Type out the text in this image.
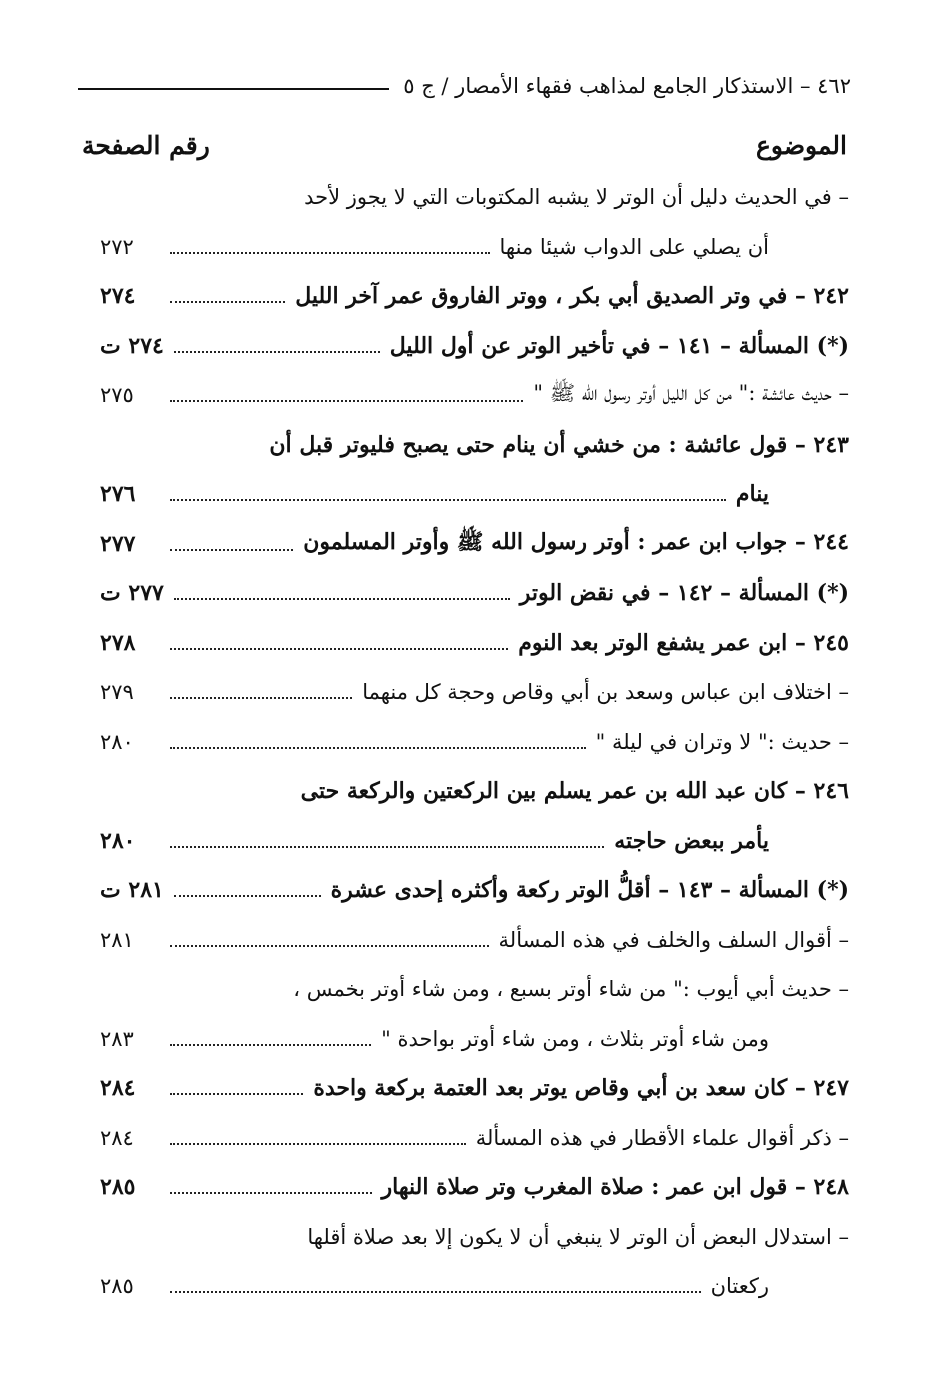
٤٦٢ – الاستذكار الجامع لمذاهب فقهاء الأمصار / ج ٥
الموضوع
رقم الصفحة
– في الحديث دليل أن الوتر لا يشبه المكتوبات التي لا يجوز لأحد
أن يصلي على الدواب شيئا منها
٢٧٢
٢٤٢ – في وتر الصديق أبي بكر ، ووتر الفاروق عمر آخر الليل
٢٧٤
(*) المسألة – ١٤١ – في تأخير الوتر عن أول الليل
٢٧٤ ت
– حديث عائشة :" من كل الليل أوتر رسول الله ﷺ "
٢٧٥
٢٤٣ – قول عائشة : من خشي أن ينام حتى يصبح فليوتر قبل أن
ينام
٢٧٦
٢٤٤ – جواب ابن عمر : أوتر رسول الله ﷺ وأوتر المسلمون
٢٧٧
(*) المسألة – ١٤٢ – في نقض الوتر
٢٧٧ ت
٢٤٥ – ابن عمر يشفع الوتر بعد النوم
٢٧٨
– اختلاف ابن عباس وسعد بن أبي وقاص وحجة كل منهما
٢٧٩
– حديث :" لا وتران في ليلة "
٢٨٠
٢٤٦ – كان عبد الله بن عمر يسلم بين الركعتين والركعة حتى
يأمر ببعض حاجته
٢٨٠
(*) المسألة – ١٤٣ – أقلُّ الوتر ركعة وأكثره إحدى عشرة
٢٨١ ت
– أقوال السلف والخلف في هذه المسألة
٢٨١
– حديث أبي أيوب :" من شاء أوتر بسبع ، ومن شاء أوتر بخمس ،
ومن شاء أوتر بثلاث ، ومن شاء أوتر بواحدة "
٢٨٣
٢٤٧ – كان سعد بن أبي وقاص يوتر بعد العتمة بركعة واحدة
٢٨٤
– ذكر أقوال علماء الأقطار في هذه المسألة
٢٨٤
٢٤٨ – قول ابن عمر : صلاة المغرب وتر صلاة النهار
٢٨٥
– استدلال البعض أن الوتر لا ينبغي أن لا يكون إلا بعد صلاة أقلها
ركعتان
٢٨٥
